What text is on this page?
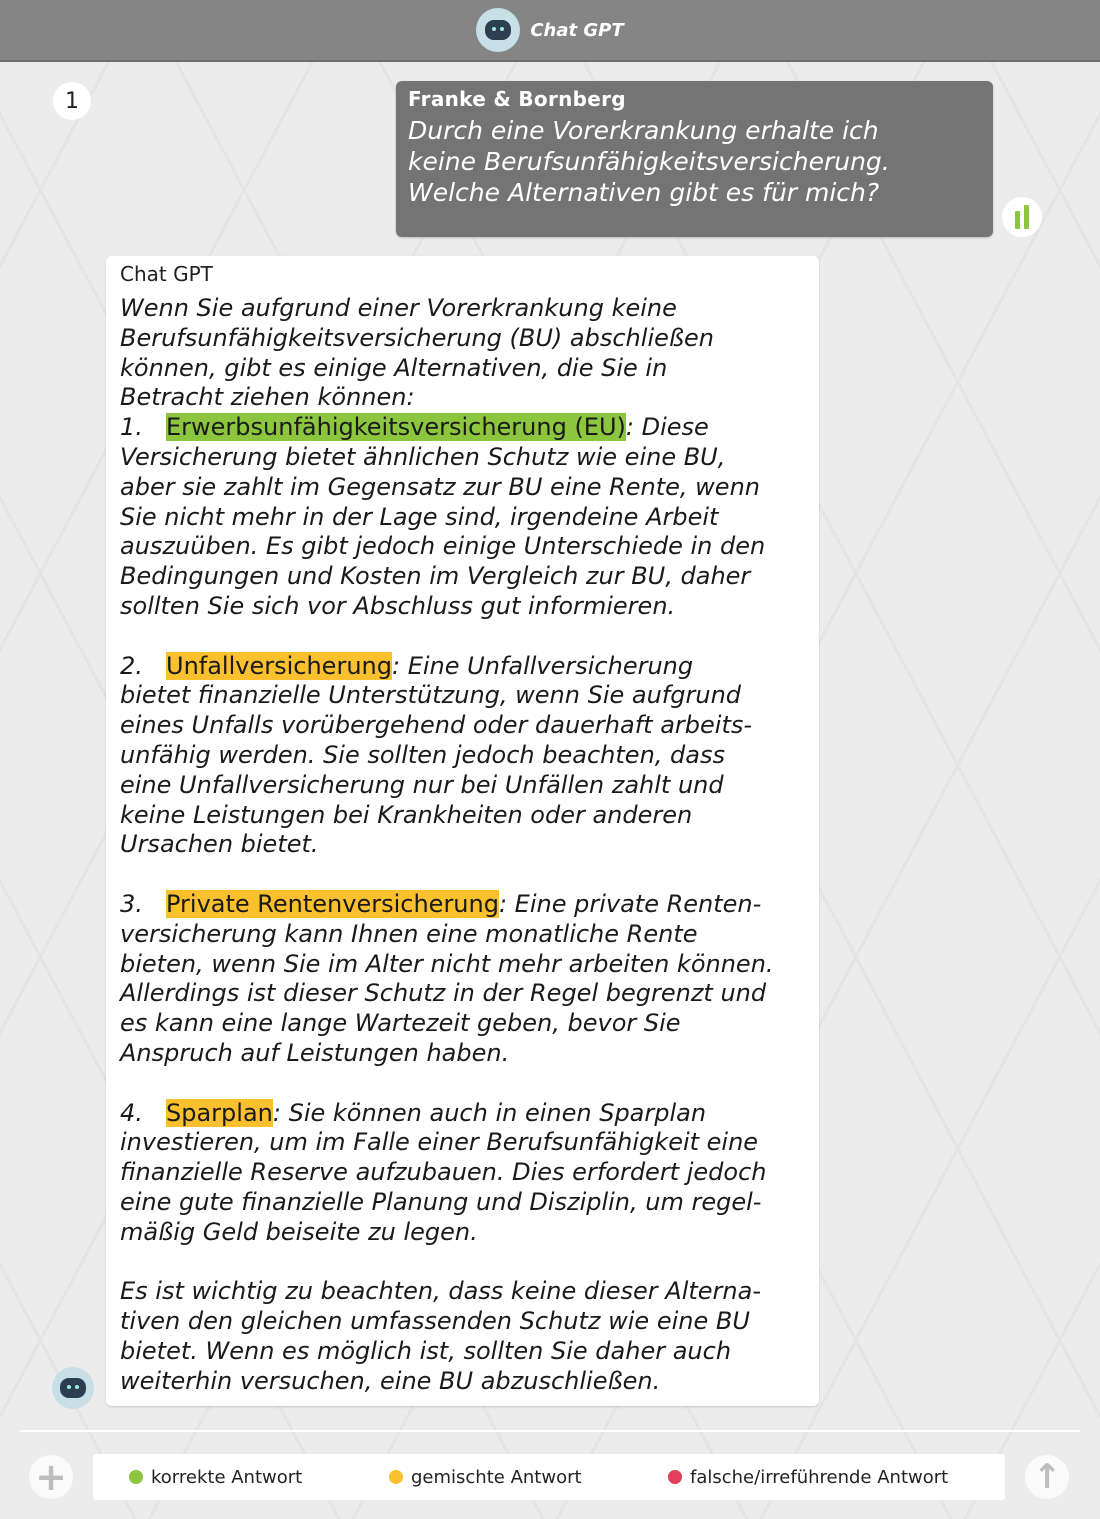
Chat GPT
1	Franke & Bornberg
Durch eine Vorerkrankung erhalte ich
keine Berufsunfähigkeitsversicherung.
Welche Alternativen gibt es für mich?
Chat GPT

Wenn Sie aufgrund einer Vorerkrankung keine

Berufsunfähigkeitsversicherung (BU) abschließen

können, gibt es einige Alternativen, die Sie in

Betracht ziehen können:

1. Erwerbsunfähigkeitsversicherung (EU): Diese

Versicherung bietet ähnlichen Schutz wie eine BU,

aber sie zahlt im Gegensatz zur BU eine Rente, wenn

Sie nicht mehr in der Lage sind, irgendeine Arbeit

auszuüben. Es gibt jedoch einige Unterschiede in den

Bedingungen und Kosten im Vergleich zur BU, daher

sollten Sie sich vor Abschluss gut informieren.

2. Unfallversicherung: Eine Unfallversicherung

bietet finanzielle Unterstützung, wenn Sie aufgrund

eines Unfalls vorübergehend oder dauerhaft arbeits-

unfähig werden. Sie sollten jedoch beachten, dass

eine Unfallversicherung nur bei Unfällen zahlt und

keine Leistungen bei Krankheiten oder anderen

Ursachen bietet.

3. Private Rentenversicherung: Eine private Renten-

versicherung kann Ihnen eine monatliche Rente

bieten, wenn Sie im Alter nicht mehr arbeiten können.

Allerdings ist dieser Schutz in der Regel begrenzt und

es kann eine lange Wartezeit geben, bevor Sie

Anspruch auf Leistungen haben.

4. Sparplan: Sie können auch in einen Sparplan

investieren, um im Falle einer Berufsunfähigkeit eine

finanzielle Reserve aufzubauen. Dies erfordert jedoch

eine gute finanzielle Planung und Disziplin, um regel-

mäßig Geld beiseite zu legen.

Es ist wichtig zu beachten, dass keine dieser Alterna-

tiven den gleichen umfassenden Schutz wie eine BU

bietet. Wenn es möglich ist, sollten Sie daher auch

weiterhin versuchen, eine BU abzuschließen.

+	korrekte Antwort	gemischte Antwort	falsche/irreführende Antwort ↑
